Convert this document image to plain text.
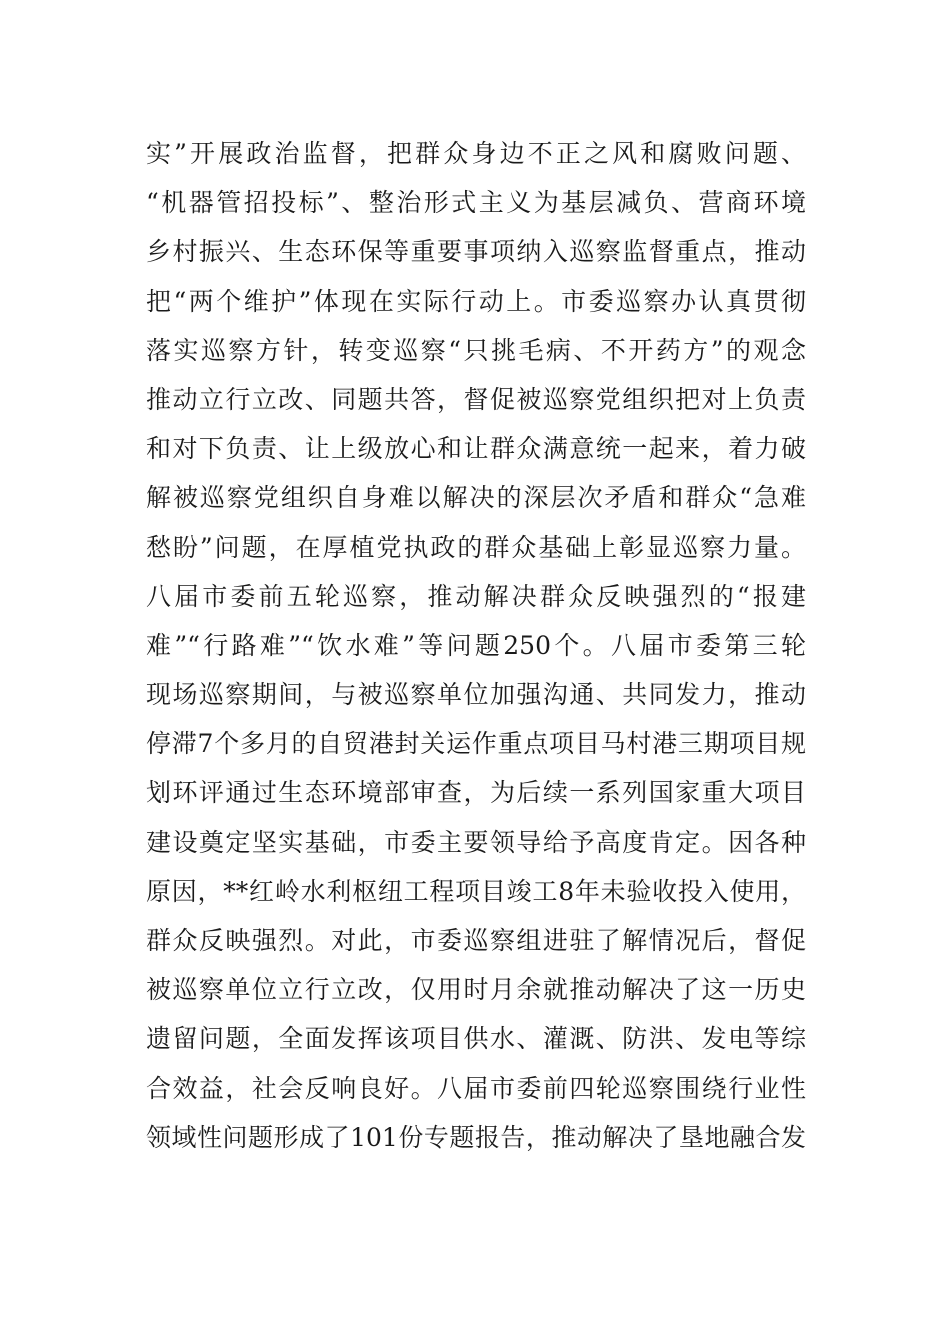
实”开展政治监督，把群众身边不正之风和腐败问题、
“机器管招投标”、整治形式主义为基层减负、营商环境
乡村振兴、生态环保等重要事项纳入巡察监督重点，推动
把“两个维护”体现在实际行动上。市委巡察办认真贯彻
落实巡察方针，转变巡察“只挑毛病、不开药方”的观念
推动立行立改、同题共答，督促被巡察党组织把对上负责
和对下负责、让上级放心和让群众满意统一起来，着力破
解被巡察党组织自身难以解决的深层次矛盾和群众“急难
愁盼”问题，在厚植党执政的群众基础上彰显巡察力量。
八届市委前五轮巡察，推动解决群众反映强烈的“报建
难”“行路难”“饮水难”等问题250个。八届市委第三轮
现场巡察期间，与被巡察单位加强沟通、共同发力，推动
停滞7个多月的自贸港封关运作重点项目马村港三期项目规
划环评通过生态环境部审查，为后续一系列国家重大项目
建设奠定坚实基础，市委主要领导给予高度肯定。因各种
原因，**红岭水利枢纽工程项目竣工8年未验收投入使用，
群众反映强烈。对此，市委巡察组进驻了解情况后，督促
被巡察单位立行立改，仅用时月余就推动解决了这一历史
遗留问题，全面发挥该项目供水、灌溉、防洪、发电等综
合效益，社会反响良好。八届市委前四轮巡察围绕行业性
领域性问题形成了101份专题报告，推动解决了垦地融合发
